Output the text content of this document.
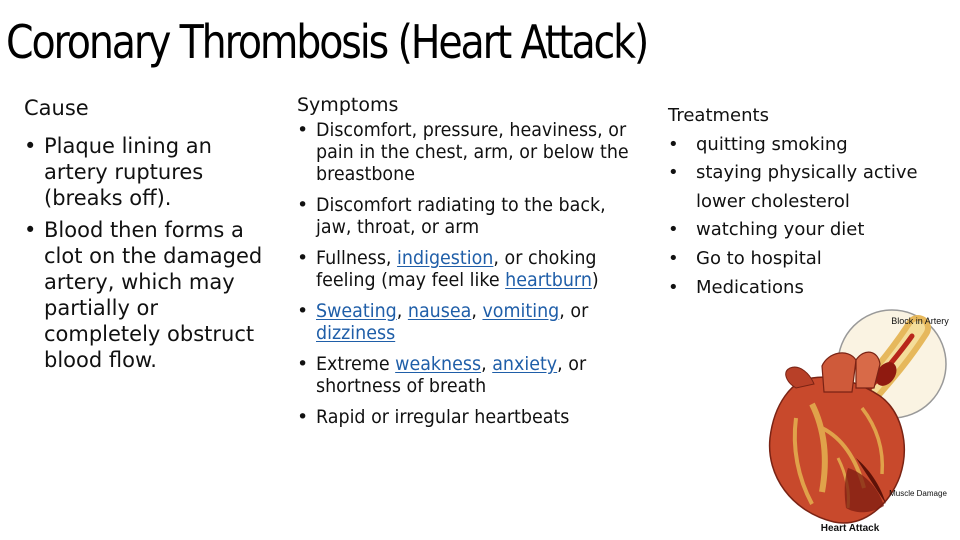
Coronary Thrombosis (Heart Attack)
Cause
• Plaque lining an artery ruptures (breaks off).
• Blood then forms a clot on the damaged artery, which may partially or completely obstruct blood flow.
Symptoms
• Discomfort, pressure, heaviness, or pain in the chest, arm, or below the breastbone
• Discomfort radiating to the back, jaw, throat, or arm
• Fullness, indigestion, or choking feeling (may feel like heartburn)
• Sweating, nausea, vomiting, or dizziness
• Extreme weakness, anxiety, or shortness of breath
• Rapid or irregular heartbeats
Treatments
• quitting smoking
• staying physically active lower cholesterol
• watching your diet
• Go to hospital
• Medications
Block in Artery
Muscle Damage
Heart Attack
